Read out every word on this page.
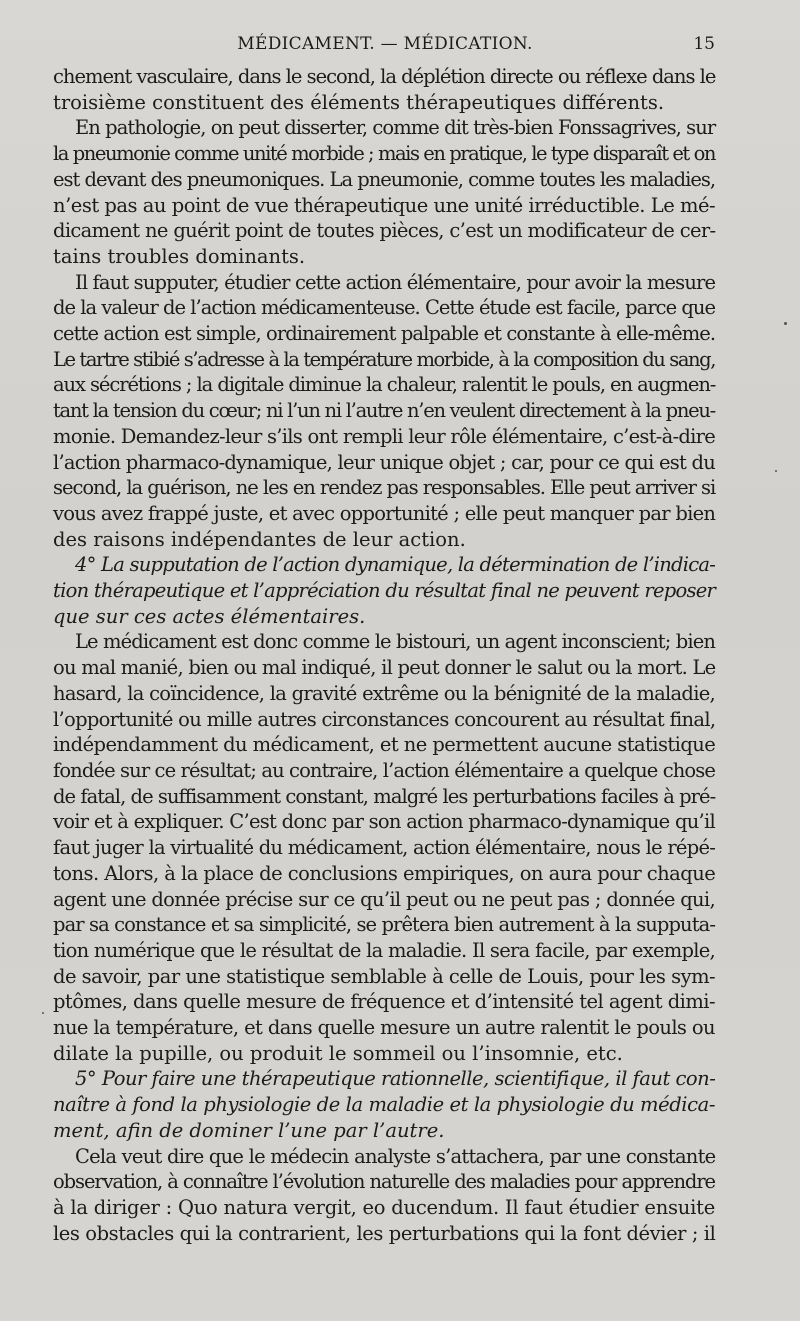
MÉDICAMENT. — MÉDICATION.	15
chement vasculaire, dans le second, la déplétion directe ou réflexe dans le
troisième constituent des éléments thérapeutiques différents.
En pathologie, on peut disserter, comme dit très-bien Fonssagrives, sur
la pneumonie comme unité morbide ; mais en pratique, le type disparaît et on
est devant des pneumoniques. La pneumonie, comme toutes les maladies,
n’est pas au point de vue thérapeutique une unité irréductible. Le mé-
dicament ne guérit point de toutes pièces, c’est un modificateur de cer-
tains troubles dominants.
Il faut supputer, étudier cette action élémentaire, pour avoir la mesure
de la valeur de l’action médicamenteuse. Cette étude est facile, parce que
cette action est simple, ordinairement palpable et constante à elle-même.
Le tartre stibié s’adresse à la température morbide, à la composition du sang,
aux sécrétions ; la digitale diminue la chaleur, ralentit le pouls, en augmen-
tant la tension du cœur; ni l’un ni l’autre n’en veulent directement à la pneu-
monie. Demandez-leur s’ils ont rempli leur rôle élémentaire, c’est-à-dire
l’action pharmaco-dynamique, leur unique objet ; car, pour ce qui est du
second, la guérison, ne les en rendez pas responsables. Elle peut arriver si
vous avez frappé juste, et avec opportunité ; elle peut manquer par bien
des raisons indépendantes de leur action.
4° La supputation de l’action dynamique, la détermination de l’indica-
tion thérapeutique et l’appréciation du résultat final ne peuvent reposer
que sur ces actes élémentaires.
Le médicament est donc comme le bistouri, un agent inconscient; bien
ou mal manié, bien ou mal indiqué, il peut donner le salut ou la mort. Le
hasard, la coïncidence, la gravité extrême ou la bénignité de la maladie,
l’opportunité ou mille autres circonstances concourent au résultat final,
indépendamment du médicament, et ne permettent aucune statistique
fondée sur ce résultat; au contraire, l’action élémentaire a quelque chose
de fatal, de suffisamment constant, malgré les perturbations faciles à pré-
voir et à expliquer. C’est donc par son action pharmaco-dynamique qu’il
faut juger la virtualité du médicament, action élémentaire, nous le répé-
tons. Alors, à la place de conclusions empiriques, on aura pour chaque
agent une donnée précise sur ce qu’il peut ou ne peut pas ; donnée qui,
par sa constance et sa simplicité, se prêtera bien autrement à la supputa-
tion numérique que le résultat de la maladie. Il sera facile, par exemple,
de savoir, par une statistique semblable à celle de Louis, pour les sym-
ptômes, dans quelle mesure de fréquence et d’intensité tel agent dimi-
nue la température, et dans quelle mesure un autre ralentit le pouls ou
dilate la pupille, ou produit le sommeil ou l’insomnie, etc.
5° Pour faire une thérapeutique rationnelle, scientifique, il faut con-
naître à fond la physiologie de la maladie et la physiologie du médica-
ment, afin de dominer l’une par l’autre.
Cela veut dire que le médecin analyste s’attachera, par une constante
observation, à connaître l’évolution naturelle des maladies pour apprendre
à la diriger : Quo natura vergit, eo ducendum. Il faut étudier ensuite
les obstacles qui la contrarient, les perturbations qui la font dévier ; il
